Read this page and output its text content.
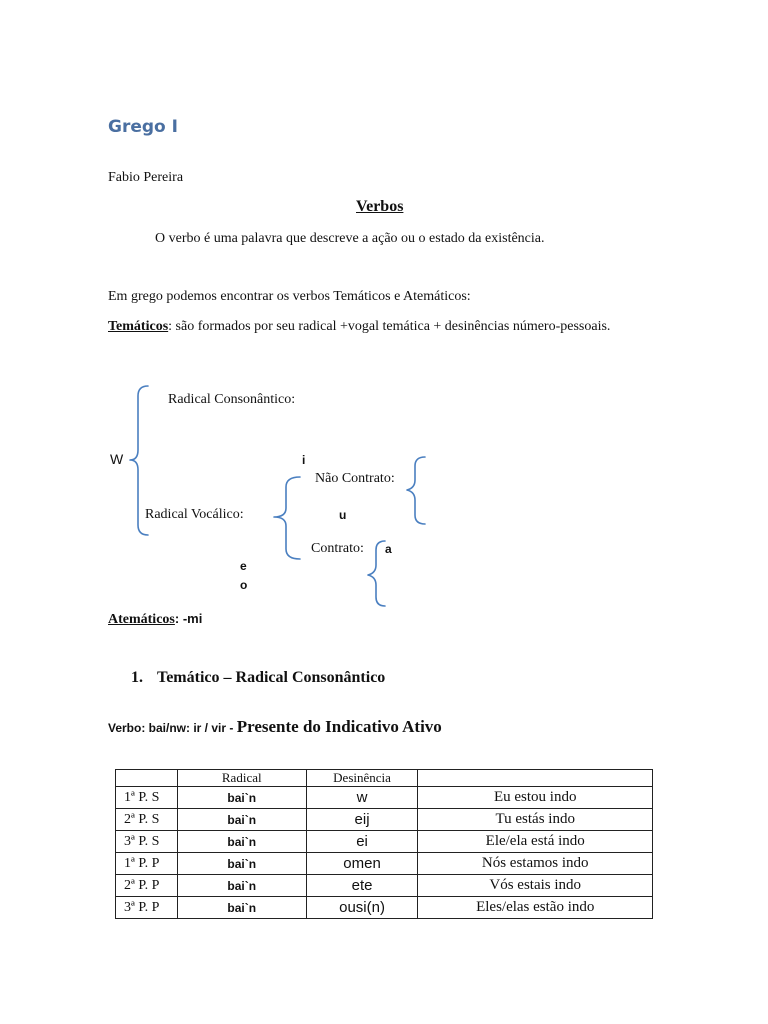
Grego I
Fabio Pereira
Verbos
O verbo é uma palavra que descreve a ação ou o estado da existência.
Em grego podemos encontrar os verbos Temáticos e Atemáticos:
Temáticos: são formados por seu radical +vogal temática + desinências número-pessoais.
Radical Consonântico:
W	i
Não Contrato:
Radical Vocálico:	u
Contrato: a
e
o
Atemáticos: -mi
1. Temático – Radical Consonântico
Verbo: bai/nw: ir / vir - Presente do Indicativo Ativo
	Radical	Desinência	
1ª P. S	bai`n	w	Eu estou indo
2ª P. S	bai`n	eij	Tu estás indo
3ª P. S	bai`n	ei	Ele/ela está indo
1ª P. P	bai`n	omen	Nós estamos indo
2ª P. P	bai`n	ete	Vós estais indo
3ª P. P	bai`n	ousi(n)	Eles/elas estão indo
